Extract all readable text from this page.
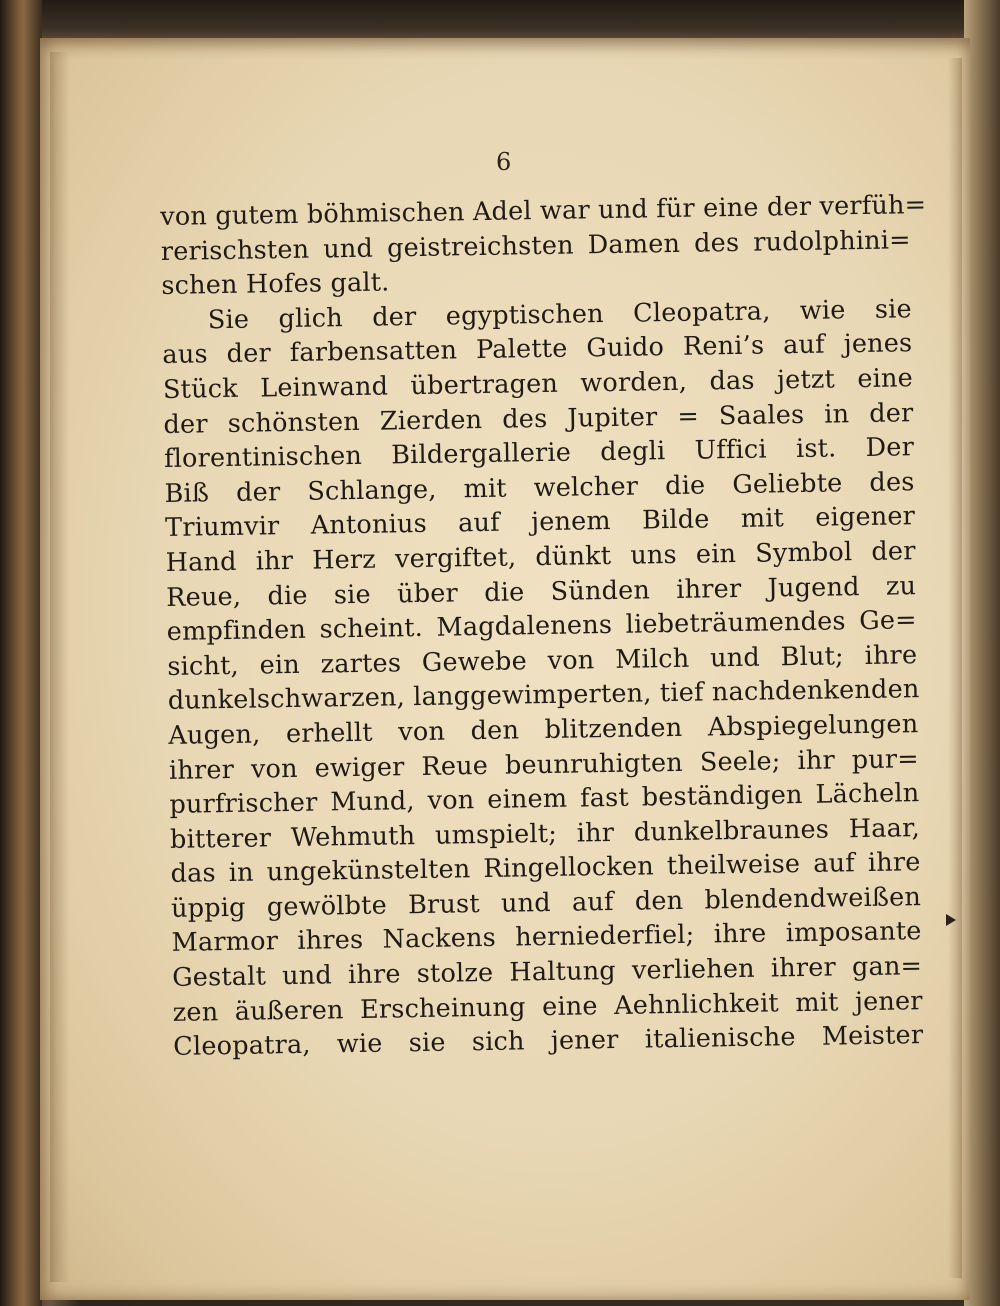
6
von gutem böhmischen Adel war und für eine der verfüh=
rerischsten und geistreichsten Damen des rudolphini=
schen Hofes galt.
Sie glich der egyptischen Cleopatra, wie sie
aus der farbensatten Palette Guido Reni’s auf jenes
Stück Leinwand übertragen worden, das jetzt eine
der schönsten Zierden des Jupiter = Saales in der
florentinischen Bildergallerie degli Uffici ist. Der
Biß der Schlange, mit welcher die Geliebte des
Triumvir Antonius auf jenem Bilde mit eigener
Hand ihr Herz vergiftet, dünkt uns ein Symbol der
Reue, die sie über die Sünden ihrer Jugend zu
empfinden scheint. Magdalenens liebeträumendes Ge=
sicht, ein zartes Gewebe von Milch und Blut; ihre
dunkelschwarzen, langgewimperten, tief nachdenkenden
Augen, erhellt von den blitzenden Abspiegelungen
ihrer von ewiger Reue beunruhigten Seele; ihr pur=
purfrischer Mund, von einem fast beständigen Lächeln
bitterer Wehmuth umspielt; ihr dunkelbraunes Haar,
das in ungekünstelten Ringellocken theilweise auf ihre
üppig gewölbte Brust und auf den blendendweißen
Marmor ihres Nackens herniederfiel; ihre imposante
Gestalt und ihre stolze Haltung verliehen ihrer gan=
zen äußeren Erscheinung eine Aehnlichkeit mit jener
Cleopatra, wie sie sich jener italienische Meister
